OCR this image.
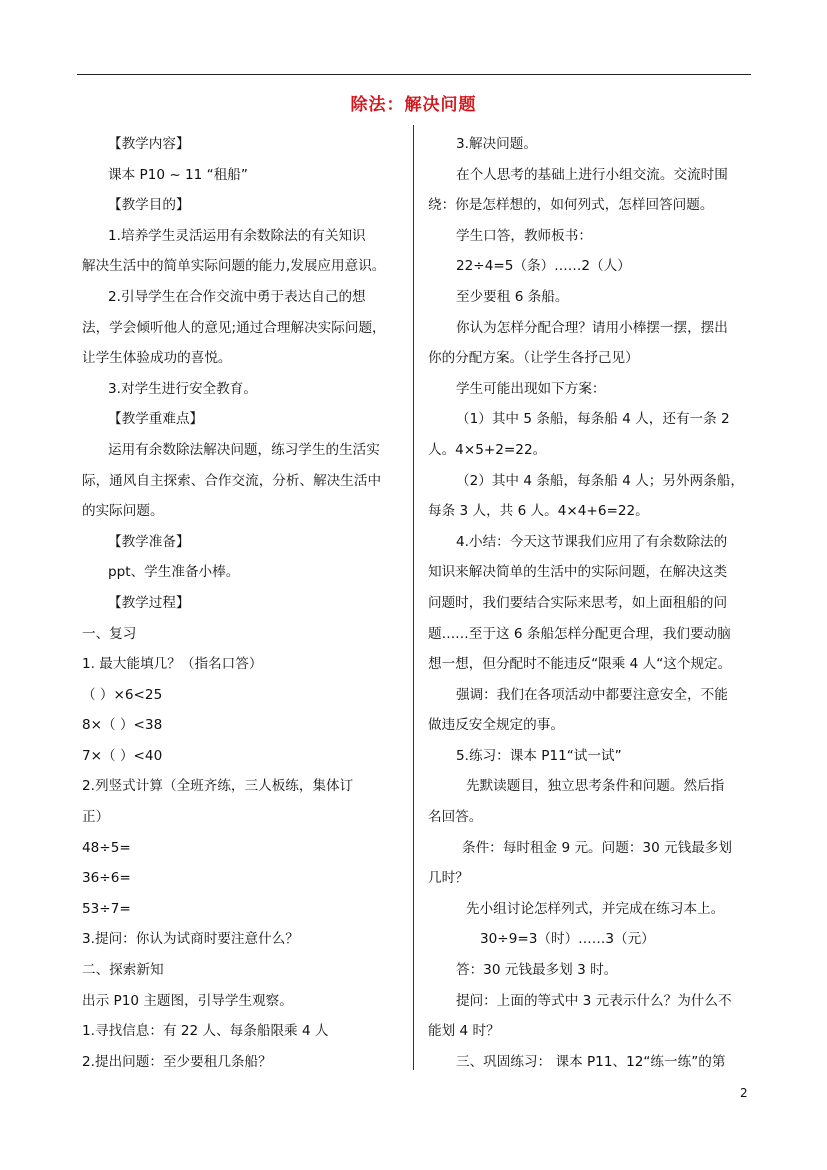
除法：解决问题
【教学内容】
课本 P10 ~ 11 “租船”
【教学目的】
1.培养学生灵活运用有余数除法的有关知识
解决生活中的简单实际问题的能力,发展应用意识。
2.引导学生在合作交流中勇于表达自己的想
法，学会倾听他人的意见;通过合理解决实际问题，
让学生体验成功的喜悦。
3.对学生进行安全教育。
【教学重难点】
运用有余数除法解决问题，练习学生的生活实
际，通风自主探索、合作交流，分析、解决生活中
的实际问题。
【教学准备】
ppt、学生准备小棒。
【教学过程】
一、复习
1. 最大能填几？（指名口答）
（ ）×6<25
8×（ ）<38
7×（ ）<40
2.列竖式计算（全班齐练，三人板练，集体订
正）
48÷5=
36÷6=
53÷7=
3.提问：你认为试商时要注意什么？
二、探索新知
出示 P10 主题图，引导学生观察。
1.寻找信息：有 22 人、每条船限乘 4 人
2.提出问题：至少要租几条船？
3.解决问题。
在个人思考的基础上进行小组交流。交流时围
绕：你是怎样想的，如何列式，怎样回答问题。
学生口答，教师板书：
22÷4=5（条）……2（人）
至少要租 6 条船。
你认为怎样分配合理？请用小棒摆一摆，摆出
你的分配方案。（让学生各抒己见）
学生可能出现如下方案：
（1）其中 5 条船，每条船 4 人，还有一条 2
人。4×5+2=22。
（2）其中 4 条船，每条船 4 人；另外两条船，
每条 3 人，共 6 人。4×4+6=22。
4.小结：今天这节课我们应用了有余数除法的
知识来解决简单的生活中的实际问题，在解决这类
问题时，我们要结合实际来思考，如上面租船的问
题……至于这 6 条船怎样分配更合理，我们要动脑
想一想，但分配时不能违反“限乘 4 人“这个规定。
强调：我们在各项活动中都要注意安全，不能
做违反安全规定的事。
5.练习：课本 P11“试一试”
先默读题目，独立思考条件和问题。然后指
名回答。
条件：每时租金 9 元。问题：30 元钱最多划
几时？
先小组讨论怎样列式，并完成在练习本上。
30÷9=3（时）……3（元）
答：30 元钱最多划 3 时。
提问：上面的等式中 3 元表示什么？为什么不
能划 4 时？
三、巩固练习： 课本 P11、12“练一练”的第
2
